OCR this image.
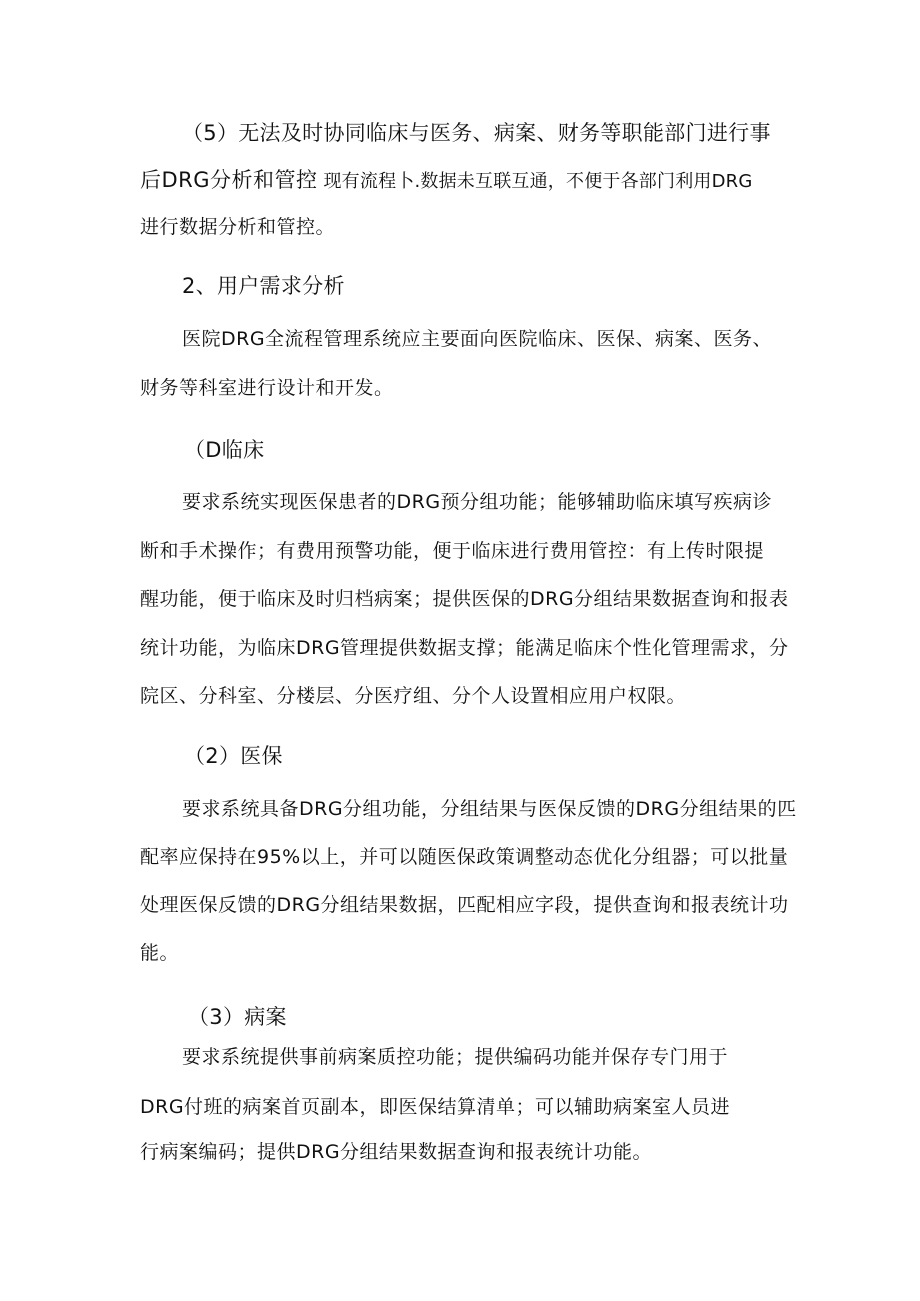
（5）无法及时协同临床与医务、病案、财务等职能部门进行事
后DRG分析和管控 现有流程卜.数据未互联互通，不便于各部门利用DRG
进行数据分析和管控。
2、用户需求分析
医院DRG全流程管理系统应主要面向医院临床、医保、病案、医务、
财务等科室进行设计和开发。
（D临床
要求系统实现医保患者的DRG预分组功能；能够辅助临床填写疾病诊
断和手术操作；有费用预警功能，便于临床进行费用管控：有上传时限提
醒功能，便于临床及时归档病案；提供医保的DRG分组结果数据查询和报表
统计功能，为临床DRG管理提供数据支撑；能满足临床个性化管理需求，分
院区、分科室、分楼层、分医疗组、分个人设置相应用户权限。
（2）医保
要求系统具备DRG分组功能，分组结果与医保反馈的DRG分组结果的匹
配率应保持在95%以上，并可以随医保政策调整动态优化分组器；可以批量
处理医保反馈的DRG分组结果数据，匹配相应字段，提供查询和报表统计功
能。
（3）病案
要求系统提供事前病案质控功能；提供编码功能并保存专门用于
DRG付班的病案首页副本，即医保结算清单；可以辅助病案室人员进
行病案编码；提供DRG分组结果数据查询和报表统计功能。
